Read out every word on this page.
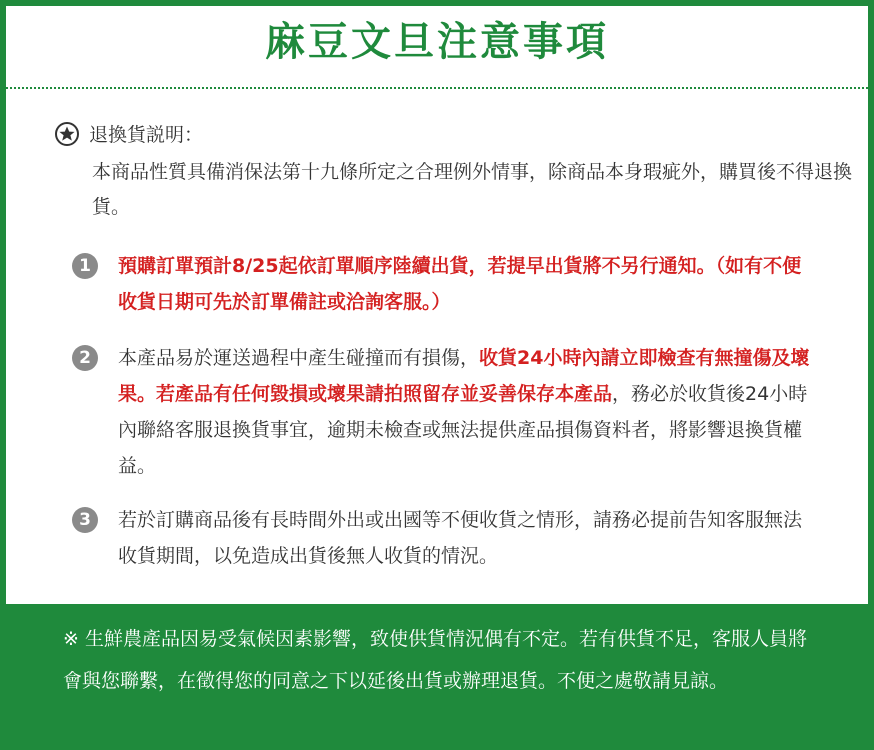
麻豆文旦注意事項
退換貨説明：
本商品性質具備消保法第十九條所定之合理例外情事，除商品本身瑕疵外，購買後不得退換貨。
1	預購訂單預計8/25起依訂單順序陸續出貨，若提早出貨將不另行通知。（如有不便收貨日期可先於訂單備註或洽詢客服。）
2	本產品易於運送過程中產生碰撞而有損傷，收貨24小時內請立即檢查有無撞傷及壞果。若產品有任何毀損或壞果請拍照留存並妥善保存本產品，務必於收貨後24小時內聯絡客服退換貨事宜，逾期未檢查或無法提供產品損傷資料者，將影響退換貨權益。
3	若於訂購商品後有長時間外出或出國等不便收貨之情形，請務必提前告知客服無法收貨期間，以免造成出貨後無人收貨的情況。
※ 生鮮農產品因易受氣候因素影響，致使供貨情況偶有不定。若有供貨不足，客服人員將會與您聯繫，在徵得您的同意之下以延後出貨或辦理退貨。不便之處敬請見諒。
